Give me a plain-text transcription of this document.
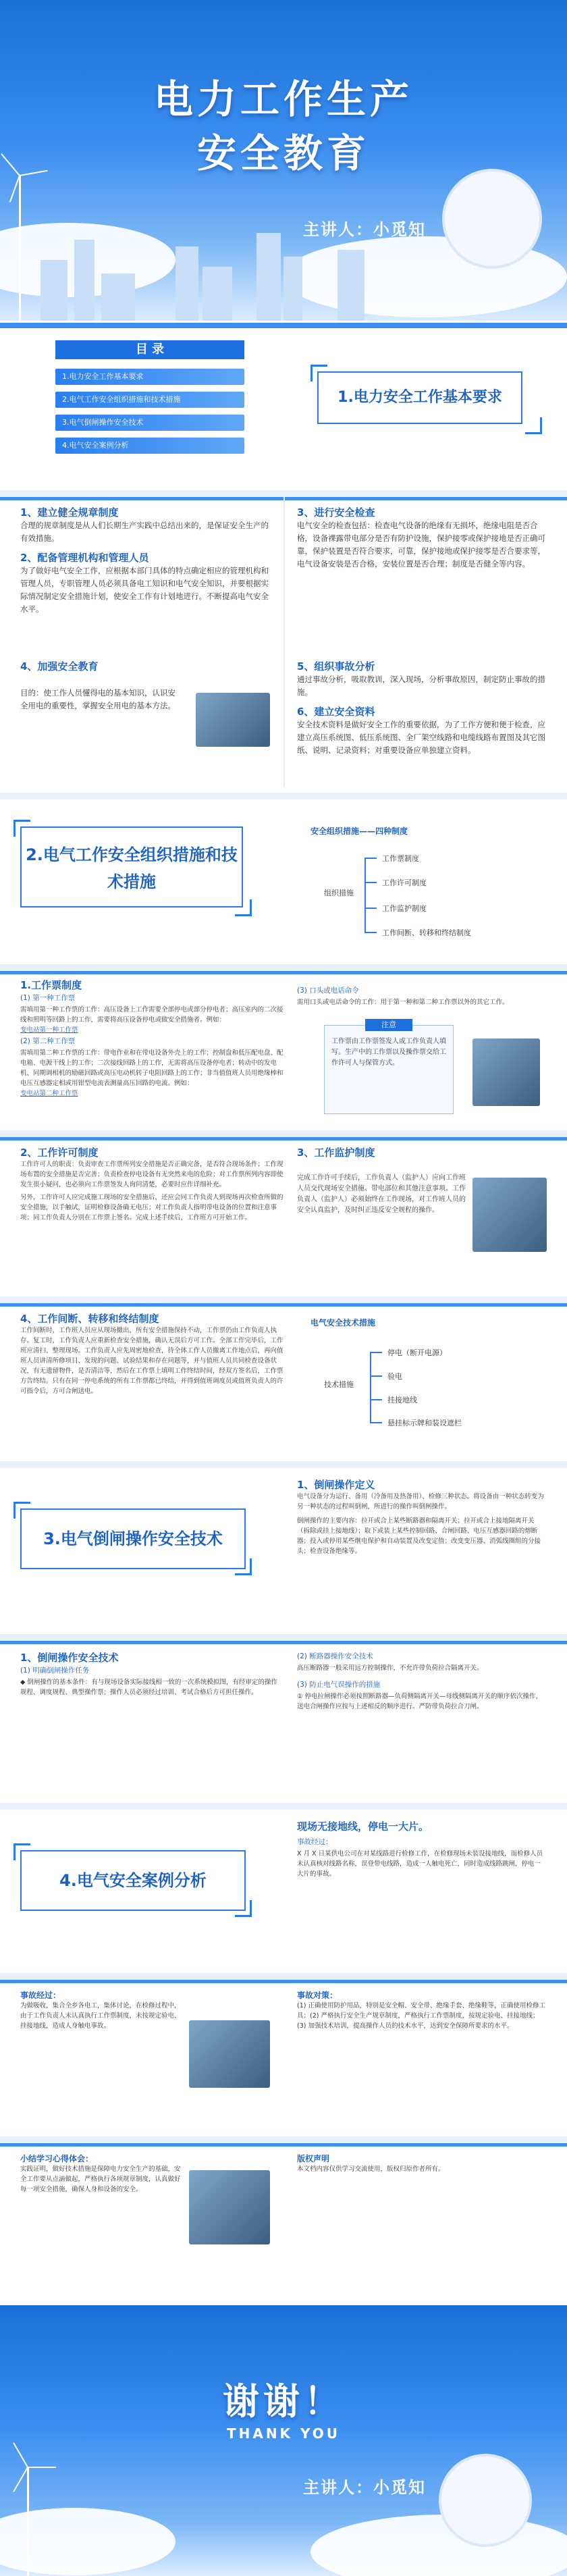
电力工作生产
安全教育
主讲人：小觅知
目 录
1.电力安全工作基本要求
2.电气工作安全组织措施和技术措施
3.电气倒闸操作安全技术
4.电气安全案例分析
1.电力安全工作基本要求
1、建立健全规章制度
合理的规章制度是从人们长期生产实践中总结出来的，是保证安全生产的有效措施。
2、配备管理机构和管理人员
为了做好电气安全工作，应根据本部门具体的特点确定相应的管理机构和管理人员，专职管理人员必须具备电工知识和电气安全知识，并要根据实际情况制定安全措施计划，使安全工作有计划地进行。不断提高电气安全水平。
3、进行安全检查
电气安全的检查包括：检查电气设备的绝缘有无损坏，绝缘电阻是否合格，设备裸露带电部分是否有防护设施，保护接零或保护接地是否正确可靠，保护装置是否符合要求，可靠，保护接地或保护接零是否合要求等，电气设备安装是否合格，安装位置是否合理；制度是否健全等内容。
4、加强安全教育
目的：使工作人员懂得电的基本知识，认识安全用电的重要性，掌握安全用电的基本方法。
5、组织事故分析
通过事故分析，吸取教训，深入现场，分析事故原因，制定防止事故的措施。
6、建立安全资料
安全技术资料是做好安全工作的重要依据，为了工作方便和便于检查，应建立高压系统图、低压系统图、全厂架空线路和电缆线路布置图及其它图纸、说明、记录资料；对重要设备应单独建立资料。
2.电气工作安全组织措施和技术措施
安全组织措施——四种制度
组织措施
工作票制度
工作许可制度
工作监护制度
工作间断、转移和终结制度
1.工作票制度
(1) 第一种工作票
需填用第一种工作票的工作：高压设备上工作需要全部停电或部分停电者；高压室内的二次接线和照明等回路上的工作，需要将高压设备停电或做安全措施者。例如：
变电站第一种工作票
(2) 第二种工作票
需填用第二种工作票的工作：带电作业和在带电设备外壳上的工作；控制盘和低压配电盘、配电箱、电源干线上的工作；二次接线回路上的工作，无需将高压设备停电者；转动中的发电机、同期调相机的励磁回路或高压电动机转子电阻回路上的工作；非当值值班人员用绝缘棒和电压互感器定相或用钳型电流表测量高压回路的电流。例如：
变电站第二种工作票
(3) 口头或电话命令
需用口头或电话命令的工作：用于第一种和第二种工作票以外的其它工作。
注意
工作票由工作票签发人或工作负责人填写。生产中的工作票以及操作票交给工作许可人与保管方式。
2、工作许可制度
工作许可人的职责：负责审查工作票所列安全措施是否正确完备，是否符合现场条件；工作现场布置的安全措施是否完善；负责检查停电设备有无突然来电的危险；对工作票所列内容即使发生很小疑问，也必须向工作票签发人询问清楚，必要时应作详细补充。
另外，工作许可人应完成施工现场的安全措施后，还应会同工作负责人到现场再次检查所做的安全措施，以手触试，证明检修设备确无电压；对工作负责人指明带电设备的位置和注意事项；同工作负责人分别在工作票上签名。完成上述手续后，工作班方可开始工作。
3、工作监护制度
完成工作许可手续后，工作负责人（监护人）应向工作班人员交代现场安全措施、带电部位和其他注意事项。工作负责人（监护人）必须始终在工作现场，对工作班人员的安全认真监护，及时纠正违反安全规程的操作。
4、工作间断、转移和终结制度
工作间断时，工作班人员应从现场撤出，所有安全措施保持不动，工作票仍由工作负责人执存。复工时，工作负责人应重新检查安全措施，确认无误后方可工作。全部工作完毕后，工作班应清扫、整理现场。工作负责人应先周密地检查，待全体工作人员撤离工作地点后，再向值班人员讲清所修项目、发现的问题、试验结果和存在问题等，并与值班人员共同检查设备状况，有无遗留物件，是否清洁等，然后在工作票上填明工作终结时间，经双方签名后，工作票方告终结。只有在同一停电系统的所有工作票都已终结，并得到值班调度员或值班负责人的许可指令后，方可合闸送电。
电气安全技术措施
技术措施
停电（断开电源）
验电
挂接地线
悬挂标示牌和装设遮栏
3.电气倒闸操作安全技术
1、倒闸操作定义
电气设备分为运行、备用（冷备用及热备用）、检修三种状态。将设备由一种状态转变为另一种状态的过程叫倒闸，所进行的操作叫倒闸操作。
倒闸操作的主要内容：拉开或合上某些断路器和隔离开关；拉开或合上接地隔离开关（拆除或挂上接地线）；取下或装上某些控制回路、合闸回路、电压互感器回路的熔断器；投入或停用某些继电保护和自动装置及改变定值；改变变压器、消弧线圈组的分接头；检查设备绝缘等。
1、倒闸操作安全技术
(1) 明确倒闸操作任务
◆ 倒闸操作的基本条件：有与现场设备实际接线相一致的一次系统模拟图，有经审定的操作规程、调度规程、典型操作票；操作人员必须经过培训、考试合格后方可担任操作。
(2) 断路器操作安全技术
高压断路器一般采用远方控制操作，不允许带负荷拉合隔离开关。
(3) 防止电气误操作的措施
① 停电拉闸操作必须按照断路器—负荷侧隔离开关—母线侧隔离开关的顺序依次操作，送电合闸操作应按与上述相反的顺序进行。严防带负荷拉合刀闸。
4.电气安全案例分析
现场无接地线，停电一大片。
事故经过：
X 月 X 日某供电公司在对某线路进行检修工作，在检修现场未装设接地线，而检修人员未认真核对线路名称，误登带电线路，造成一人触电死亡，同时造成线路跳闸，停电一大片的事故。
事故经过：
为做吸收，集合全乡各电工，集体讨论，在检修过程中，由于工作负责人未认真执行工作票制度，未按规定验电、挂接地线，造成人身触电事故。
事故对策：
(1) 正确使用防护用品，特别是安全帽、安全带、绝缘手套、绝缘鞋等，正确使用检修工具；(2) 严格执行安全生产规章制度，严格执行工作票制度，按规定验电、挂接地线；(3) 加强技术培训，提高操作人员的技术水平，达到安全保障所要求的水平。
小结学习心得体会：
实践证明，做好技术措施是保障电力安全生产的基础，安全工作要从点滴做起，严格执行各项规章制度，认真做好每一项安全措施，确保人身和设备的安全。
版权声明
本文档内容仅供学习交流使用，版权归原作者所有。
谢谢！
THANK YOU
主讲人：小觅知
